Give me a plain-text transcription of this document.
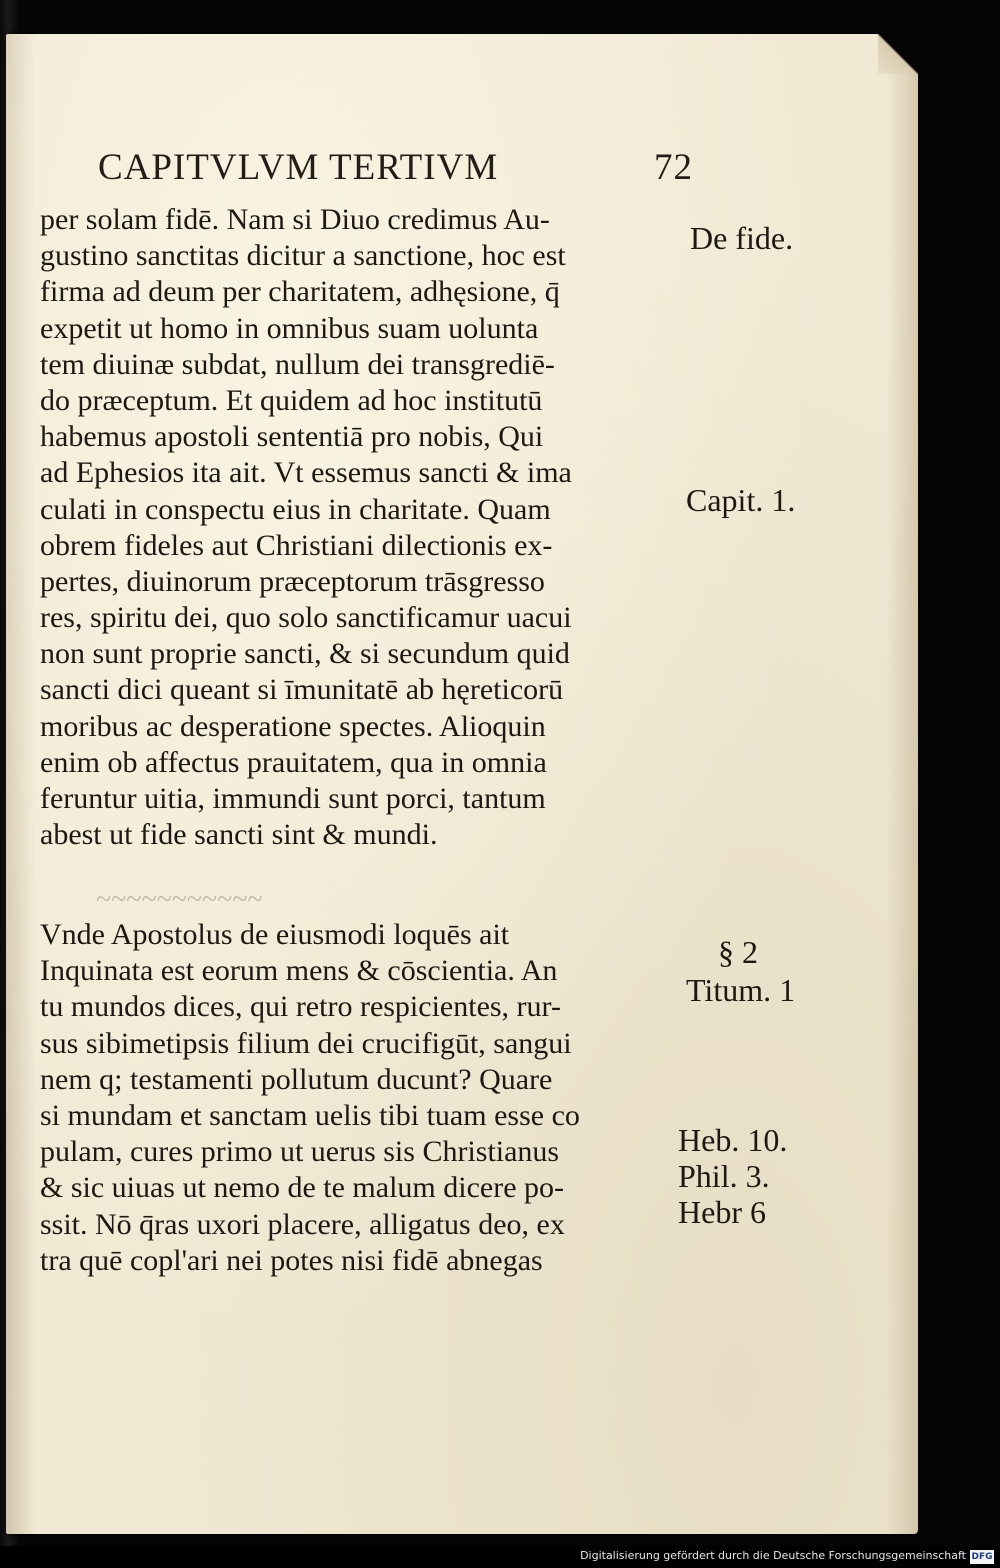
CAPITVLVM TERTIVM	72
per solam fidē. Nam si Diuo credimus Au-
gustino sanctitas dicitur a sanctione, hoc est
firma ad deum per charitatem, adhęsione, q̄
expetit ut homo in omnibus suam uolunta
tem diuinæ subdat, nullum dei transgrediē-
do præceptum. Et quidem ad hoc institutū
habemus apostoli sententiā pro nobis, Qui
ad Ephesios ita ait. Vt essemus sancti & ima
culati in conspectu eius in charitate. Quam
obrem fideles aut Christiani dilectionis ex-
pertes, diuinorum præceptorum trāsgresso
res, spiritu dei, quo solo sanctificamur uacui
non sunt proprie sancti, & si secundum quid
sancti dici queant si īmunitatē ab hęreticorū
moribus ac desperatione spectes. Alioquin
enim ob affectus prauitatem, qua in omnia
feruntur uitia, immundi sunt porci, tantum
abest ut fide sancti sint & mundi.
~~~~~~~~~~~
Vnde Apostolus de eiusmodi loquēs ait
Inquinata est eorum mens & cōscientia. An
tu mundos dices, qui retro respicientes, rur-
sus sibimetipsis filium dei crucifigūt, sangui
nem q; testamenti pollutum ducunt? Quare
si mundam et sanctam uelis tibi tuam esse co
pulam, cures primo ut uerus sis Christianus
& sic uiuas ut nemo de te malum dicere po-
ssit. Nō q̄ras uxori placere, alligatus deo, ex
tra quē copl'ari nei potes nisi fidē abnegas
De fide.
Capit. 1.
§ 2
Titum. 1
Heb. 10.
Phil. 3.
Hebr 6
Digitalisierung gefördert durch die Deutsche Forschungsgemeinschaft DFG
